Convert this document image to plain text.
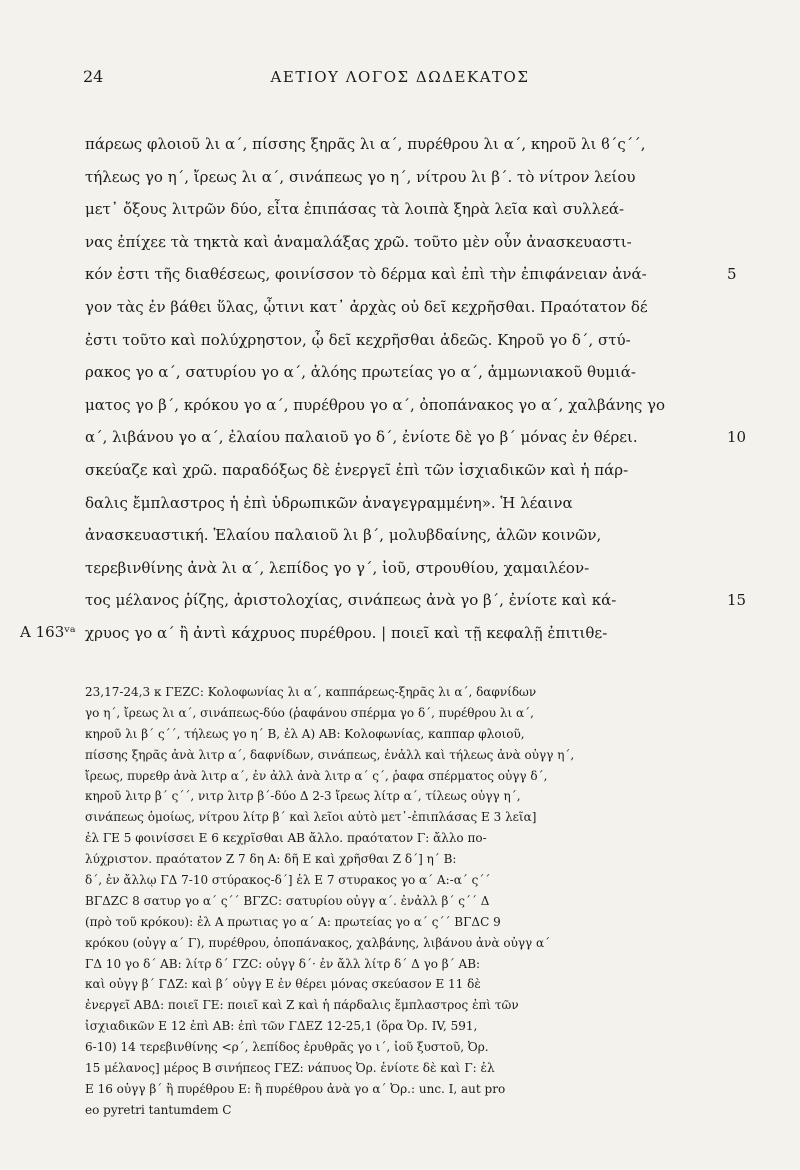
24	ΑΕΤΙΟΥ ΛΟΓΟΣ ΔΩΔΕΚΑΤΟΣ
Α 163ᵛᵃ
πάρεως φλοιοῦ λι α΄, πίσσης ξηρᾶς λι α΄, πυρέθρου λι α΄, κηροῦ λι ϐ΄ς΄΄,
τήλεως γο η΄, ἴρεως λι α΄, σινάπεως γο η΄, νίτρου λι β΄. τὸ νίτρον λείου
μετ᾽ ὄξους λιτρῶν δύο, εἶτα ἐπιπάσας τὰ λοιπὰ ξηρὰ λεῖα καὶ συλλεά-
νας ἐπίχεε τὰ τηκτὰ καὶ ἀναμαλάξας χρῶ. τοῦτο μὲν οὖν ἀνασκευαστι-
κόν ἐστι τῆς διαθέσεως, φοινίσσον τὸ δέρμα καὶ ἐπὶ τὴν ἐπιφάνειαν ἀνά-	5
γον τὰς ἐν βάθει ὕλας, ᾧτινι κατ᾽ ἀρχὰς οὐ δεῖ κεχρῆσθαι. Πραότατον δέ
ἐστι τοῦτο καὶ πολύχρηστον, ᾧ δεῖ κεχρῆσθαι ἀδεῶς. Κηροῦ γο δ΄, στύ-
ρακος γο α΄, σατυρίου γο α΄, ἀλόης πρωτείας γο α΄, ἀμμωνιακοῦ θυμιά-
ματος γο β΄, κρόκου γο α΄, πυρέθρου γο α΄, ὀποπάνακος γο α΄, χαλβάνης γο
α΄, λιβάνου γο α΄, ἐλαίου παλαιοῦ γο δ΄, ἐνίοτε δὲ γο β΄ μόνας ἐν θέρει.	10
σκεύαζε καὶ χρῶ. παραδόξως δὲ ἐνεργεῖ ἐπὶ τῶν ἰσχιαδικῶν καὶ ἡ πάρ-
δαλις ἔμπλαστρος ἡ ἐπὶ ὑδρωπικῶν ἀναγεγραμμένη». Ἡ λέαινα
ἀνασκευαστική. Ἐλαίου παλαιοῦ λι β΄, μολυβδαίνης, ἁλῶν κοινῶν,
τερεβινθίνης ἀνὰ λι α΄, λεπίδος γο γ΄, ἰοῦ, στρουθίου, χαμαιλέον-
τος μέλανος ῥίζης, ἀριστολοχίας, σινάπεως ἀνὰ γο β΄, ἐνίοτε καὶ κά-	15
χρυος γο α΄ ἢ ἀντὶ κάχρυος πυρέθρου. | ποιεῖ καὶ τῇ κεφαλῇ ἐπιτιθε-
23,17-24,3 κ ΓΕΖC: Κολοφωνίας λι α΄, καππάρεως-ξηρᾶς λι α΄, δαφνίδων
γο η΄, ἴρεως λι α΄, σινάπεως-δύο (ῥαφάνου σπέρμα γο δ΄, πυρέθρου λι α΄,
κηροῦ λι β΄ ς΄΄, τήλεως γο η΄ Β, ἐλ Α) ΑΒ: Κολοφωνίας, καππαρ φλοιοῦ,
πίσσης ξηρᾶς ἀνὰ λιτρ α΄, δαφνίδων, σινάπεως, ἐνἀλλ καὶ τήλεως ἀνὰ οὐγγ η΄,
ἴρεως, πυρεθρ ἀνὰ λιτρ α΄, ἐν ἀλλ ἀνὰ λιτρ α΄ ς΄, ῥαφα σπέρματος οὐγγ δ΄,
κηροῦ λιτρ β΄ ς΄΄, νιτρ λιτρ β΄-δύο Δ 2-3 ἴρεως λίτρ α΄, τίλεως οὐγγ η΄,
σινάπεως ὁμοίως, νίτρου λίτρ β΄ καὶ λεῖοι αὐτὸ μετ᾽-ἐπιπλάσας Ε 3 λεῖα]
ἐλ ΓΕ 5 φοινίσσει Ε 6 κεχρῖσθαι ΑΒ ἄλλο. πραότατον Γ: ἄλλο πο-
λύχριστον. πραότατον Ζ 7 δη Α: δῆ Ε καὶ χρῆσθαι Ζ δ΄] η΄ Β:
δ΄, ἐν ἄλλῳ ΓΔ 7-10 στύρακος-δ΄] ἐλ Ε 7 στυρακος γο α΄ Α:-α΄ ς΄΄
ΒΓΔΖC 8 σατυρ γο α΄ ς΄΄ ΒΓΖC: σατυρίου οὐγγ α΄. ἐνἀλλ β΄ ς΄΄ Δ
(πρὸ τοῦ κρόκου): ἐλ Α πρωτιας γο α΄ Α: πρωτείας γο α΄ ς΄΄ ΒΓΔC 9
κρόκου (οὐγγ α΄ Γ), πυρέθρου, ὀποπάνακος, χαλβάνης, λιβάνου ἀνὰ οὐγγ α΄
ΓΔ 10 γο δ΄ ΑΒ: λίτρ δ΄ ΓΖC: οὐγγ δ΄· ἐν ἄλλ λίτρ δ΄ Δ γο β΄ ΑΒ:
καὶ οὐγγ β΄ ΓΔΖ: καὶ β΄ οὐγγ Ε ἐν θέρει μόνας σκεύασον Ε 11 δὲ
ἐνεργεῖ ΑΒΔ: ποιεῖ ΓΕ: ποιεῖ καὶ Ζ καὶ ἡ πάρδαλις ἔμπλαστρος ἐπὶ τῶν
ἰσχιαδικῶν Ε 12 ἐπὶ ΑΒ: ἐπὶ τῶν ΓΔΕΖ 12-25,1 (ὅρα Ὀρ. IV, 591,
6-10) 14 τερεβινθίνης <ρ΄, λεπίδος ἐρυθρᾶς γο ι΄, ἰοῦ ξυστοῦ, Ὀρ.
15 μέλανος] μέρος Β σινήπεος ΓΕΖ: νάπυος Ὀρ. ἐνίοτε δὲ καὶ Γ: ἐλ
Ε 16 οὐγγ β΄ ἢ πυρέθρου Ε: ἢ πυρέθρου ἀνὰ γο α΄ Ὀρ.: unc. I, aut pro
eo pyretri tantumdem C
